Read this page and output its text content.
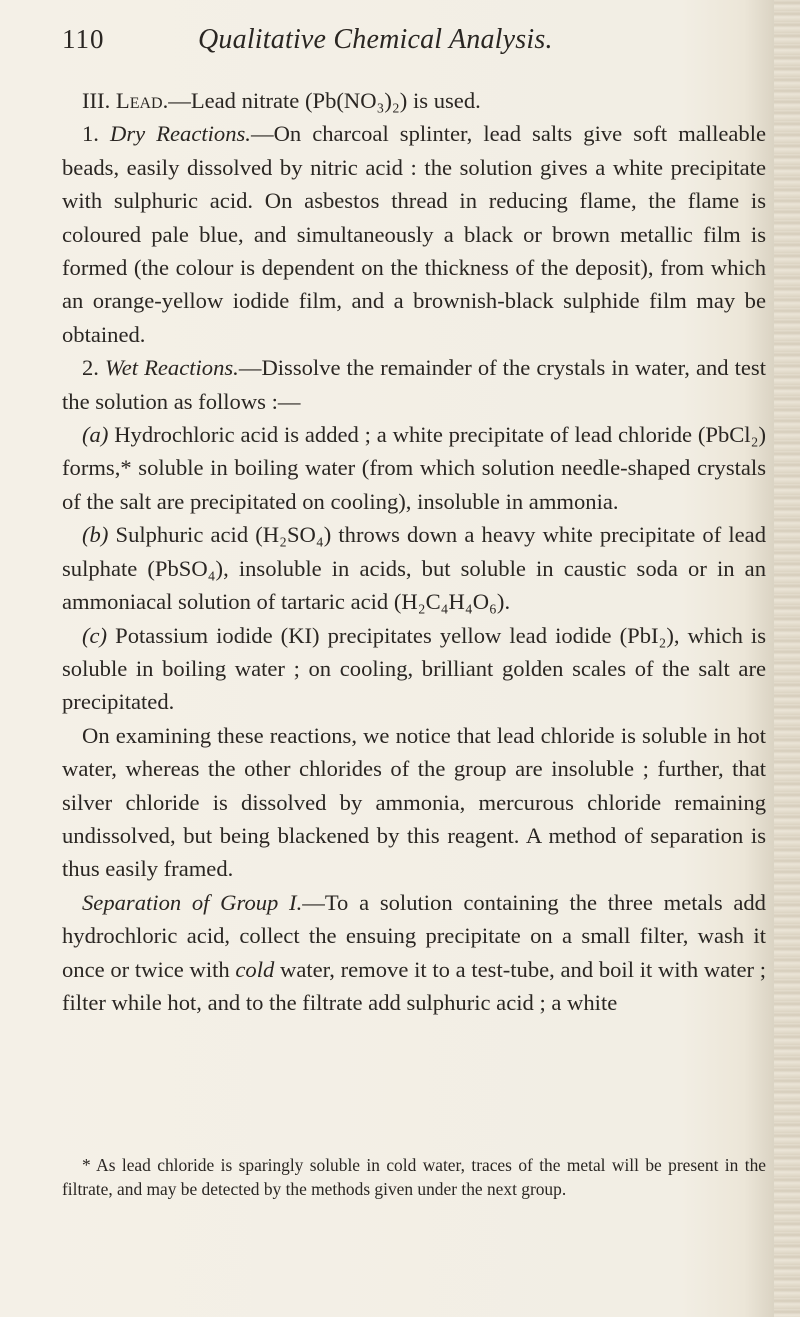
110	Qualitative Chemical Analysis.

III. Lead.—Lead nitrate (Pb(NO₃)₂) is used.

1. Dry Reactions.—On charcoal splinter, lead salts give soft malleable beads, easily dissolved by nitric acid : the solution gives a white precipitate with sulphuric acid. On asbestos thread in reducing flame, the flame is coloured pale blue, and simultaneously a black or brown metallic film is formed (the colour is dependent on the thickness of the deposit), from which an orange-yellow iodide film, and a brownish-black sulphide film may be obtained.

2. Wet Reactions.—Dissolve the remainder of the crystals in water, and test the solution as follows :—

(a) Hydrochloric acid is added ; a white precipitate of lead chloride (PbCl₂) forms,* soluble in boiling water (from which solution needle-shaped crystals of the salt are precipitated on cooling), insoluble in ammonia.

(b) Sulphuric acid (H₂SO₄) throws down a heavy white precipitate of lead sulphate (PbSO₄), insoluble in acids, but soluble in caustic soda or in an ammoniacal solution of tartaric acid (H₂C₄H₄O₆).

(c) Potassium iodide (KI) precipitates yellow lead iodide (PbI₂), which is soluble in boiling water ; on cooling, brilliant golden scales of the salt are precipitated.

On examining these reactions, we notice that lead chloride is soluble in hot water, whereas the other chlorides of the group are insoluble ; further, that silver chloride is dissolved by ammonia, mercurous chloride remaining undissolved, but being blackened by this reagent. A method of separation is thus easily framed.

Separation of Group I.—To a solution containing the three metals add hydrochloric acid, collect the ensuing precipitate on a small filter, wash it once or twice with cold water, remove it to a test-tube, and boil it with water ; filter while hot, and to the filtrate add sulphuric acid ; a white

* As lead chloride is sparingly soluble in cold water, traces of the metal will be present in the filtrate, and may be detected by the methods given under the next group.
